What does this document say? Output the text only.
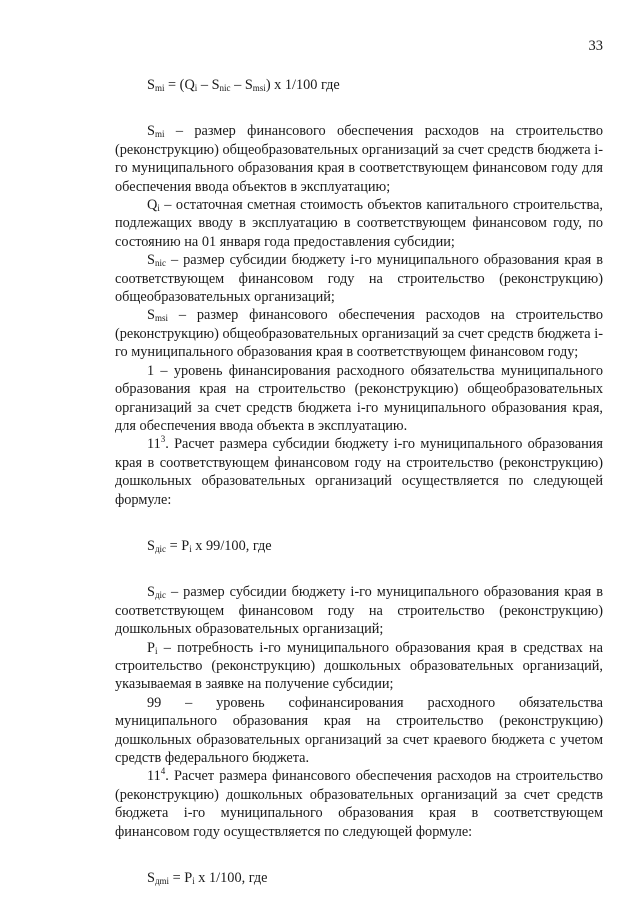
33

$S_{mi} = (Q_i - S_{nic} - S_{msi})$ x 1/100 где

$S_{mi}$ – размер финансового обеспечения расходов на строительство (реконструкцию) общеобразовательных организаций за счет средств бюджета i-го муниципального образования края в соответствующем финансовом году для обеспечения ввода объектов в эксплуатацию;

$Q_i$ – остаточная сметная стоимость объектов капитального строительства, подлежащих вводу в эксплуатацию в соответствующем финансовом году, по состоянию на 01 января года предоставления субсидии;

$S_{nic}$ – размер субсидии бюджету i-го муниципального образования края в соответствующем финансовом году на строительство (реконструкцию) общеобразовательных организаций;

$S_{msi}$ – размер финансового обеспечения расходов на строительство (реконструкцию) общеобразовательных организаций за счет средств бюджета i-го муниципального образования края в соответствующем финансовом году;

1 – уровень финансирования расходного обязательства муниципального образования края на строительство (реконструкцию) общеобразовательных организаций за счет средств бюджета i-го муниципального образования края, для обеспечения ввода объекта в эксплуатацию.

$11^3$. Расчет размера субсидии бюджету i-го муниципального образования края в соответствующем финансовом году на строительство (реконструкцию) дошкольных образовательных организаций осуществляется по следующей формуле:

$S_{дic} = P_i$ x 99/100, где

$S_{дic}$ – размер субсидии бюджету i-го муниципального образования края в соответствующем финансовом году на строительство (реконструкцию) дошкольных образовательных организаций;

$P_i$ – потребность i-го муниципального образования края в средствах на строительство (реконструкцию) дошкольных образовательных организаций, указываемая в заявке на получение субсидии;

99 – уровень софинансирования расходного обязательства муниципального образования края на строительство (реконструкцию) дошкольных образовательных организаций за счет краевого бюджета с учетом средств федерального бюджета.

$11^4$. Расчет размера финансового обеспечения расходов на строительство (реконструкцию) дошкольных образовательных организаций за счет средств бюджета i-го муниципального образования края в соответствующем финансовом году осуществляется по следующей формуле:

$S_{дmi} = P_i$ x 1/100, где
